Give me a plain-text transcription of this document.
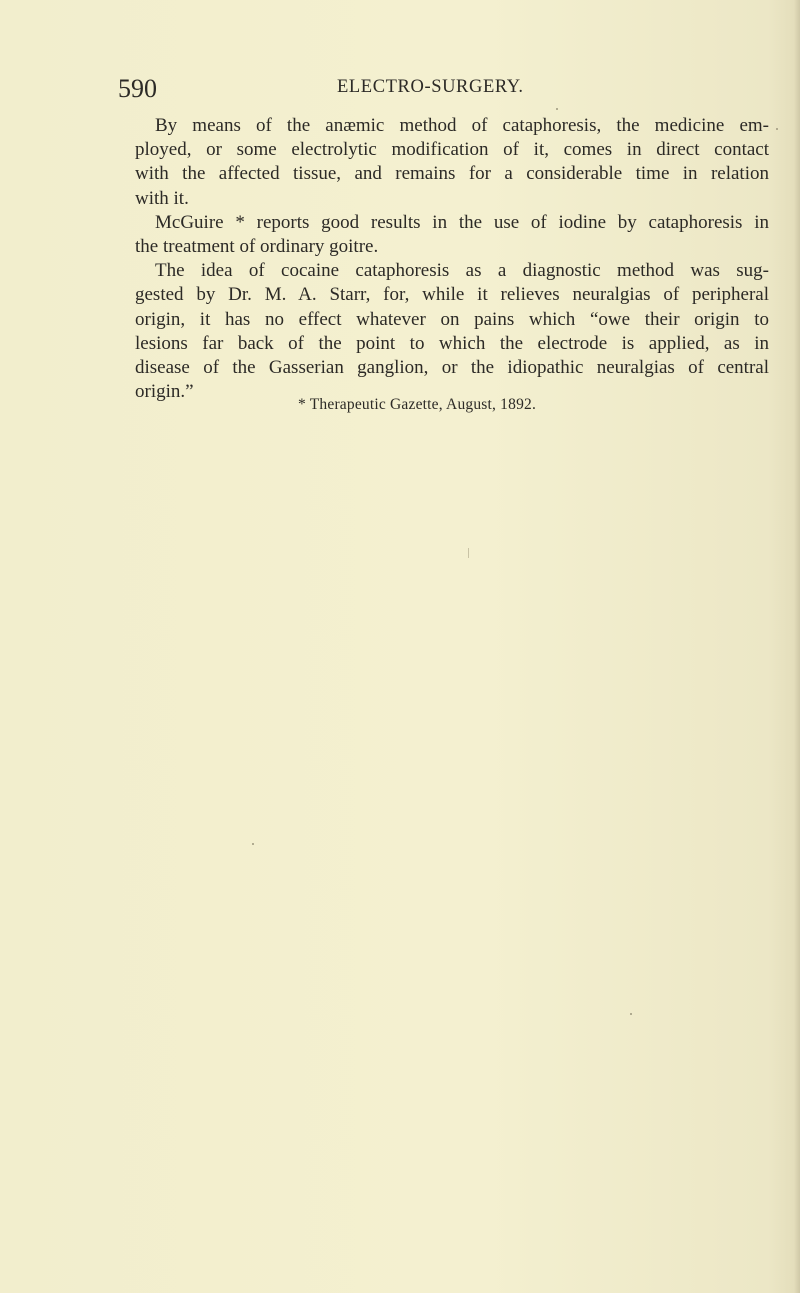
590	ELECTRO-SURGERY.
By means of the anæmic method of cataphoresis, the medicine em-
ployed, or some electrolytic modification of it, comes in direct contact
with the affected tissue, and remains for a considerable time in relation
with it.
McGuire * reports good results in the use of iodine by cataphoresis in
the treatment of ordinary goitre.
The idea of cocaine cataphoresis as a diagnostic method was sug-
gested by Dr. M. A. Starr, for, while it relieves neuralgias of peripheral
origin, it has no effect whatever on pains which “owe their origin to
lesions far back of the point to which the electrode is applied, as in
disease of the Gasserian ganglion, or the idiopathic neuralgias of central
origin.”
* Therapeutic Gazette, August, 1892.
